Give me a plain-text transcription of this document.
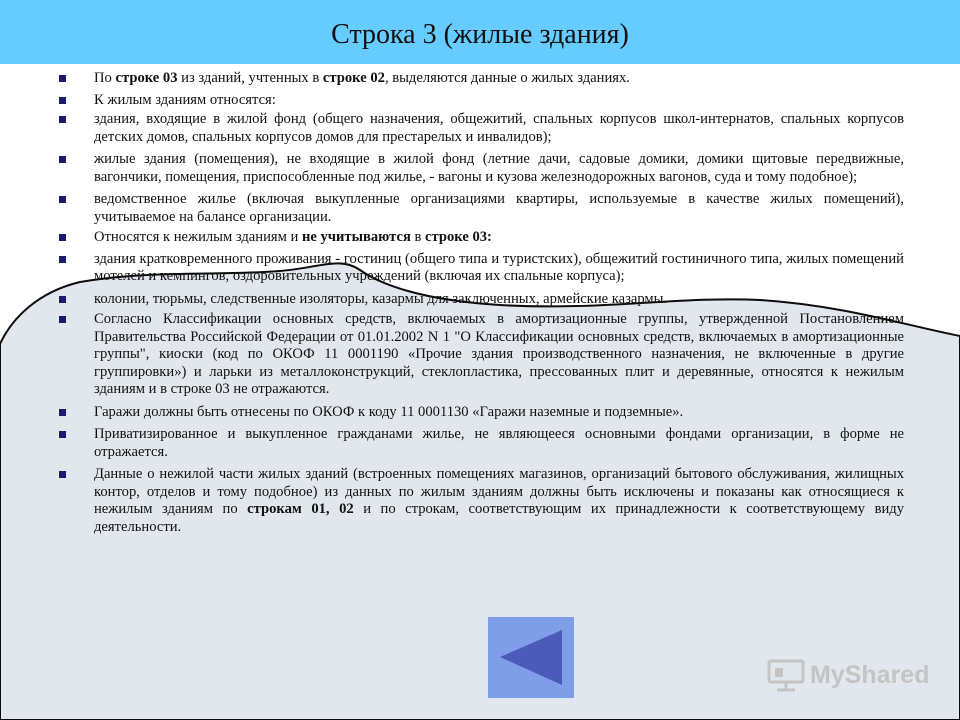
Строка 3 (жилые здания)
По строке 03 из зданий, учтенных в строке 02, выделяются данные о жилых зданиях.
К жилым зданиям относятся:
здания, входящие в жилой фонд (общего назначения, общежитий, спальных корпусов школ-интернатов, спальных корпусов детских домов, спальных корпусов домов для престарелых и инвалидов);
жилые здания (помещения), не входящие в жилой фонд (летние дачи, садовые домики, домики щитовые передвижные, вагончики, помещения, приспособленные под жилье, - вагоны и кузова железнодорожных вагонов, суда и тому подобное);
ведомственное жилье (включая выкупленные организациями квартиры, используемые в качестве жилых помещений), учитываемое на балансе организации.
Относятся к нежилым зданиям и не учитываются в строке 03:
здания кратковременного проживания - гостиниц (общего типа и туристских), общежитий гостиничного типа, жилых помещений мотелей и кемпингов, оздоровительных учреждений (включая их спальные корпуса);
колонии, тюрьмы, следственные изоляторы, казармы для заключенных, армейские казармы.
Согласно Классификации основных средств, включаемых в амортизационные группы, утвержденной Постановлением Правительства Российской Федерации от 01.01.2002 N 1 "О Классификации основных средств, включаемых в амортизационные группы", киоски (код по ОКОФ 11 0001190 «Прочие здания производственного назначения, не включенные в другие группировки») и ларьки из металлоконструкций, стеклопластика, прессованных плит и деревянные, относятся к нежилым зданиям и в строке 03 не отражаются.
Гаражи должны быть отнесены по ОКОФ к коду 11 0001130 «Гаражи наземные и подземные».
Приватизированное и выкупленное гражданами жилье, не являющееся основными фондами организации, в форме не отражается.
Данные о нежилой части жилых зданий (встроенных помещениях магазинов, организаций бытового обслуживания, жилищных контор, отделов и тому подобное) из данных по жилым зданиям должны быть исключены и показаны как относящиеся к нежилым зданиям по строкам 01, 02 и по строкам, соответствующим их принадлежности к соответствующему виду деятельности.
MyShared
